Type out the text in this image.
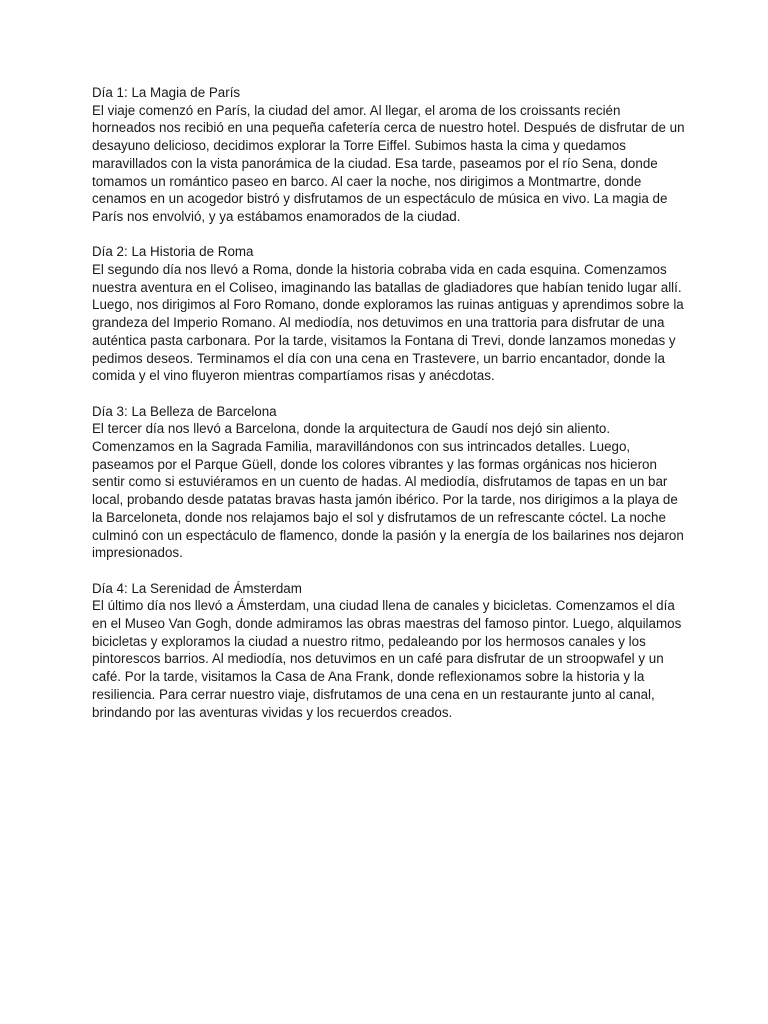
Día 1: La Magia de París

El viaje comenzó en París, la ciudad del amor. Al llegar, el aroma de los croissants recién horneados nos recibió en una pequeña cafetería cerca de nuestro hotel. Después de disfrutar de un desayuno delicioso, decidimos explorar la Torre Eiffel. Subimos hasta la cima y quedamos maravillados con la vista panorámica de la ciudad. Esa tarde, paseamos por el río Sena, donde tomamos un romántico paseo en barco. Al caer la noche, nos dirigimos a Montmartre, donde cenamos en un acogedor bistró y disfrutamos de un espectáculo de música en vivo. La magia de París nos envolvió, y ya estábamos enamorados de la ciudad.

Día 2: La Historia de Roma

El segundo día nos llevó a Roma, donde la historia cobraba vida en cada esquina. Comenzamos nuestra aventura en el Coliseo, imaginando las batallas de gladiadores que habían tenido lugar allí. Luego, nos dirigimos al Foro Romano, donde exploramos las ruinas antiguas y aprendimos sobre la grandeza del Imperio Romano. Al mediodía, nos detuvimos en una trattoria para disfrutar de una auténtica pasta carbonara. Por la tarde, visitamos la Fontana di Trevi, donde lanzamos monedas y pedimos deseos. Terminamos el día con una cena en Trastevere, un barrio encantador, donde la comida y el vino fluyeron mientras compartíamos risas y anécdotas.

Día 3: La Belleza de Barcelona

El tercer día nos llevó a Barcelona, donde la arquitectura de Gaudí nos dejó sin aliento. Comenzamos en la Sagrada Familia, maravillándonos con sus intrincados detalles. Luego, paseamos por el Parque Güell, donde los colores vibrantes y las formas orgánicas nos hicieron sentir como si estuviéramos en un cuento de hadas. Al mediodía, disfrutamos de tapas en un bar local, probando desde patatas bravas hasta jamón ibérico. Por la tarde, nos dirigimos a la playa de la Barceloneta, donde nos relajamos bajo el sol y disfrutamos de un refrescante cóctel. La noche culminó con un espectáculo de flamenco, donde la pasión y la energía de los bailarines nos dejaron impresionados.

Día 4: La Serenidad de Ámsterdam

El último día nos llevó a Ámsterdam, una ciudad llena de canales y bicicletas. Comenzamos el día en el Museo Van Gogh, donde admiramos las obras maestras del famoso pintor. Luego, alquilamos bicicletas y exploramos la ciudad a nuestro ritmo, pedaleando por los hermosos canales y los pintorescos barrios. Al mediodía, nos detuvimos en un café para disfrutar de un stroopwafel y un café. Por la tarde, visitamos la Casa de Ana Frank, donde reflexionamos sobre la historia y la resiliencia. Para cerrar nuestro viaje, disfrutamos de una cena en un restaurante junto al canal, brindando por las aventuras vividas y los recuerdos creados.
